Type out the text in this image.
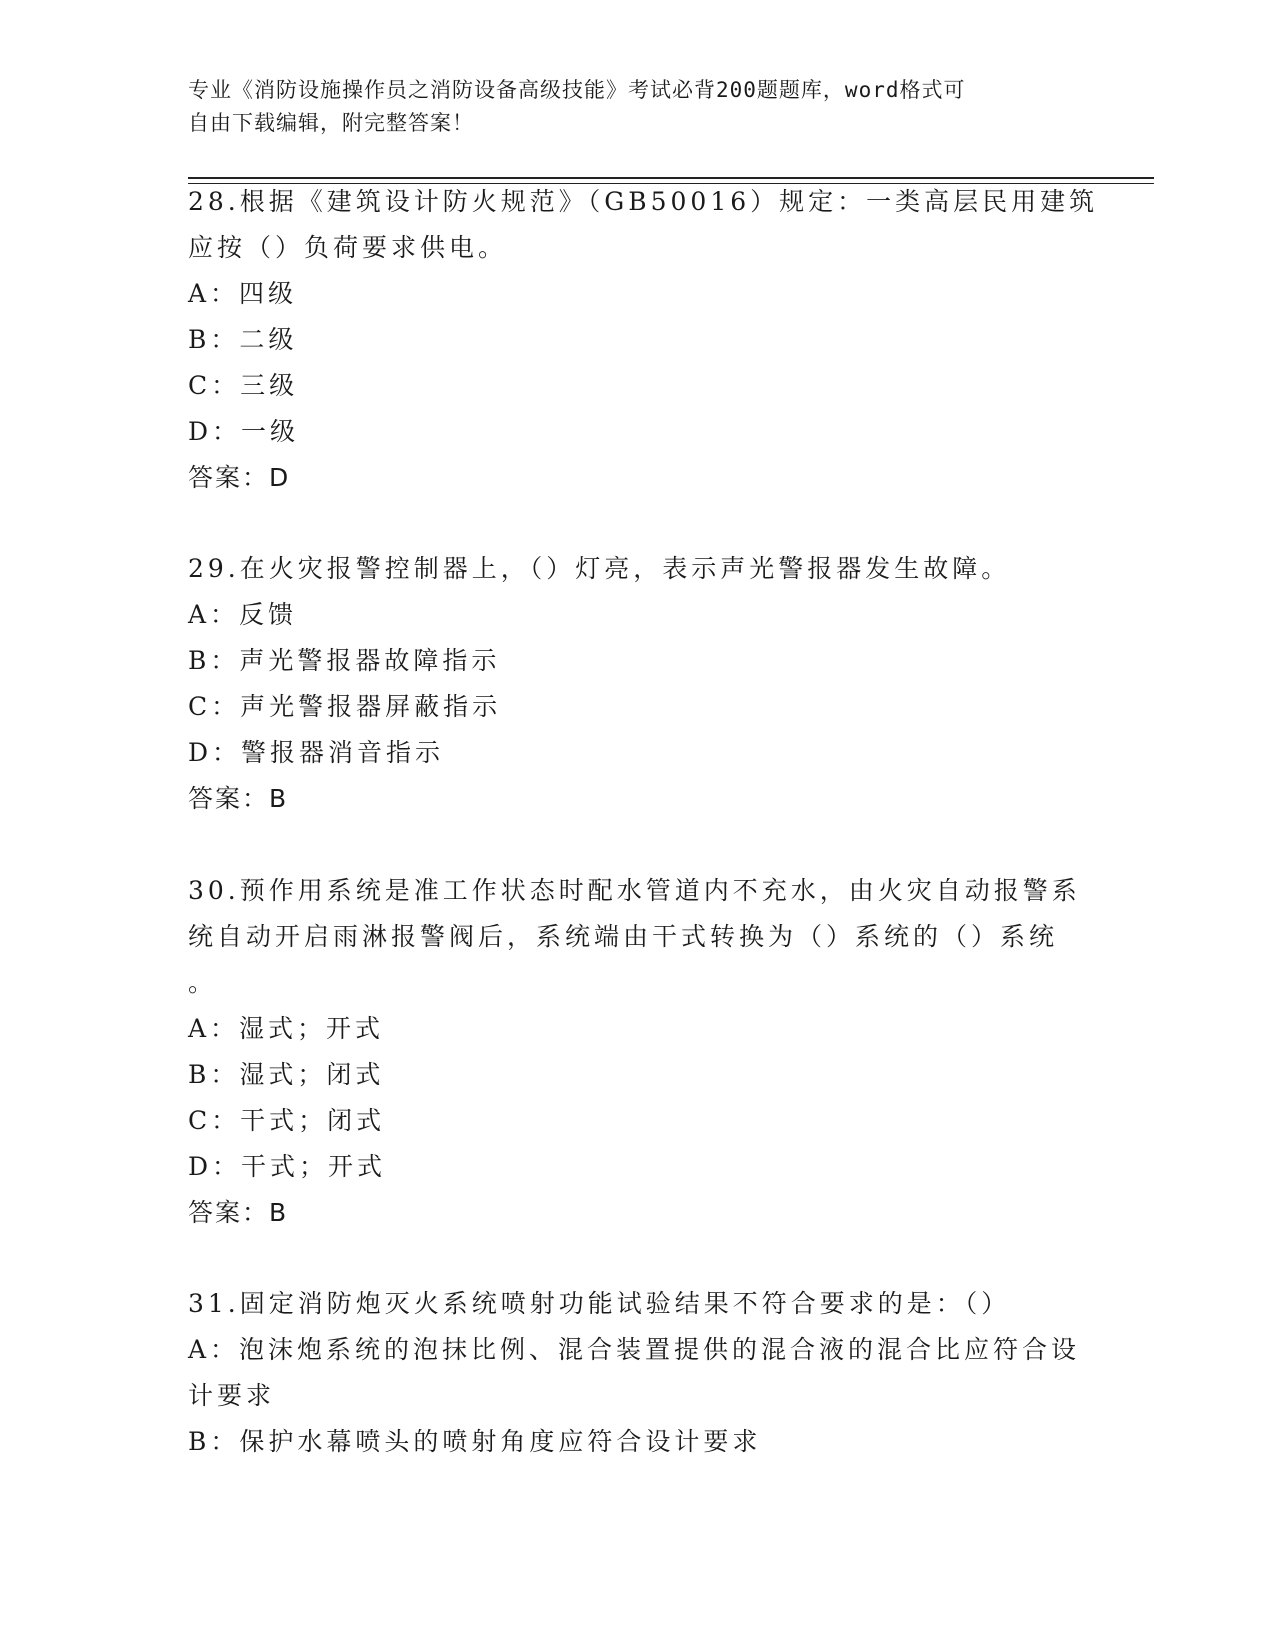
专业《消防设施操作员之消防设备高级技能》考试必背200题题库，word格式可
自由下载编辑，附完整答案！
28.根据《建筑设计防火规范》（GB50016）规定：一类高层民用建筑
应按（）负荷要求供电。
A：四级
B：二级
C：三级
D：一级
答案：D
29.在火灾报警控制器上，（）灯亮，表示声光警报器发生故障。
A：反馈
B：声光警报器故障指示
C：声光警报器屏蔽指示
D：警报器消音指示
答案：B
30.预作用系统是准工作状态时配水管道内不充水，由火灾自动报警系
统自动开启雨淋报警阀后，系统端由干式转换为（）系统的（）系统
。
A：湿式；开式
B：湿式；闭式
C：干式；闭式
D：干式；开式
答案：B
31.固定消防炮灭火系统喷射功能试验结果不符合要求的是：（）
A：泡沫炮系统的泡抹比例、混合装置提供的混合液的混合比应符合设
计要求
B：保护水幕喷头的喷射角度应符合设计要求
